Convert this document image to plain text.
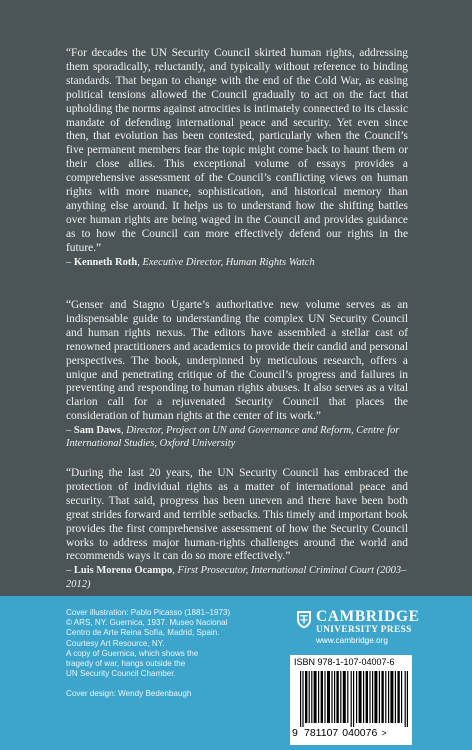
“For decades the UN Security Council skirted human rights, addressing them sporadically, reluctantly, and typically without reference to binding standards. That began to change with the end of the Cold War, as easing political tensions allowed the Council gradually to act on the fact that upholding the norms against atrocities is intimately connected to its classic mandate of defending international peace and security. Yet even since then, that evolution has been contested, particularly when the Council’s five permanent members fear the topic might come back to haunt them or their close allies. This exceptional volume of essays provides a comprehensive assessment of the Council’s conflicting views on human rights with more nuance, sophistication, and historical memory than anything else around. It helps us to understand how the shifting battles over human rights are being waged in the Council and provides guidance as to how the Council can more effectively defend our rights in the future.”

– Kenneth Roth, Executive Director, Human Rights Watch

“Genser and Stagno Ugarte’s authoritative new volume serves as an indispensable guide to understanding the complex UN Security Council and human rights nexus. The editors have assembled a stellar cast of renowned practitioners and academics to provide their candid and personal perspectives. The book, underpinned by meticulous research, offers a unique and penetrating critique of the Council’s progress and failures in preventing and responding to human rights abuses. It also serves as a vital clarion call for a rejuvenated Security Council that places the consideration of human rights at the center of its work.”

– Sam Daws, Director, Project on UN and Governance and Reform, Centre for International Studies, Oxford University

“During the last 20 years, the UN Security Council has embraced the protection of individual rights as a matter of international peace and security. That said, progress has been uneven and there have been both great strides forward and terrible setbacks. This timely and important book provides the first comprehensive assessment of how the Security Council works to address major human-rights challenges around the world and recommends ways it can do so more effectively.”

– Luis Moreno Ocampo, First Prosecutor, International Criminal Court (2003–2012)

Cover illustration: Pablo Picasso (1881–1973)

© ARS, NY. Guernica, 1937. Museo Nacional

Centro de Arte Reina Sofía, Madrid, Spain.

Courtesy Art Resource, NY.

A copy of Guernica, which shows the

tragedy of war, hangs outside the

UN Security Council Chamber.

Cover design: Wendy Bedenbaugh

CAMBRIDGE
UNIVERSITY PRESS
www.cambridge.org
ISBN 978-1-107-04007-6
9 781107 040076 >
